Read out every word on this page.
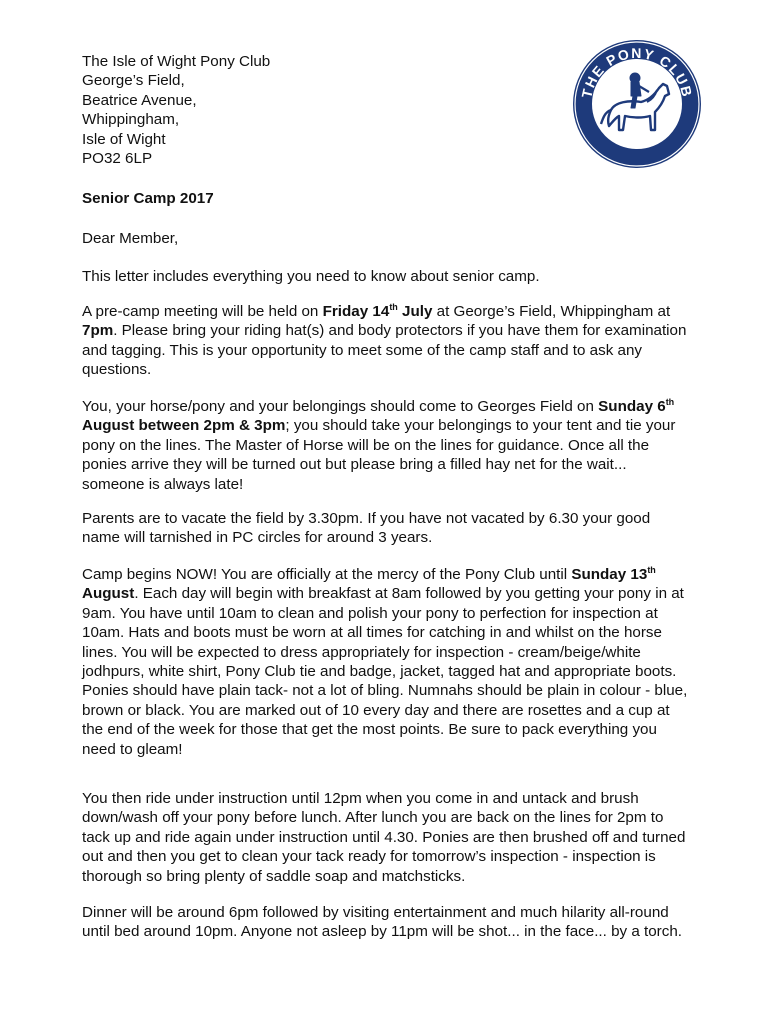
The Isle of Wight Pony Club
George’s Field,
Beatrice Avenue,
Whippingham,
Isle of Wight
PO32 6LP
THE PONY CLUB
EST 1929
Senior Camp 2017
Dear Member,

This letter includes everything you need to know about senior camp.

A pre-camp meeting will be held on Friday 14th July at George’s Field, Whippingham at 7pm. Please bring your riding hat(s) and body protectors if you have them for examination and tagging. This is your opportunity to meet some of the camp staff and to ask any questions.

You, your horse/pony and your belongings should come to Georges Field on Sunday 6th August between 2pm & 3pm; you should take your belongings to your tent and tie your pony on the lines. The Master of Horse will be on the lines for guidance. Once all the ponies arrive they will be turned out but please bring a filled hay net for the wait... someone is always late!

Parents are to vacate the field by 3.30pm. If you have not vacated by 6.30 your good name will tarnished in PC circles for around 3 years.

Camp begins NOW! You are officially at the mercy of the Pony Club until Sunday 13th August. Each day will begin with breakfast at 8am followed by you getting your pony in at 9am. You have until 10am to clean and polish your pony to perfection for inspection at 10am. Hats and boots must be worn at all times for catching in and whilst on the horse lines. You will be expected to dress appropriately for inspection - cream/beige/white jodhpurs, white shirt, Pony Club tie and badge, jacket, tagged hat and appropriate boots. Ponies should have plain tack- not a lot of bling. Numnahs should be plain in colour - blue, brown or black. You are marked out of 10 every day and there are rosettes and a cup at the end of the week for those that get the most points. Be sure to pack everything you need to gleam!

You then ride under instruction until 12pm when you come in and untack and brush down/wash off your pony before lunch. After lunch you are back on the lines for 2pm to tack up and ride again under instruction until 4.30. Ponies are then brushed off and turned out and then you get to clean your tack ready for tomorrow’s inspection - inspection is thorough so bring plenty of saddle soap and matchsticks.

Dinner will be around 6pm followed by visiting entertainment and much hilarity all-round until bed around 10pm. Anyone not asleep by 11pm will be shot... in the face... by a torch.
